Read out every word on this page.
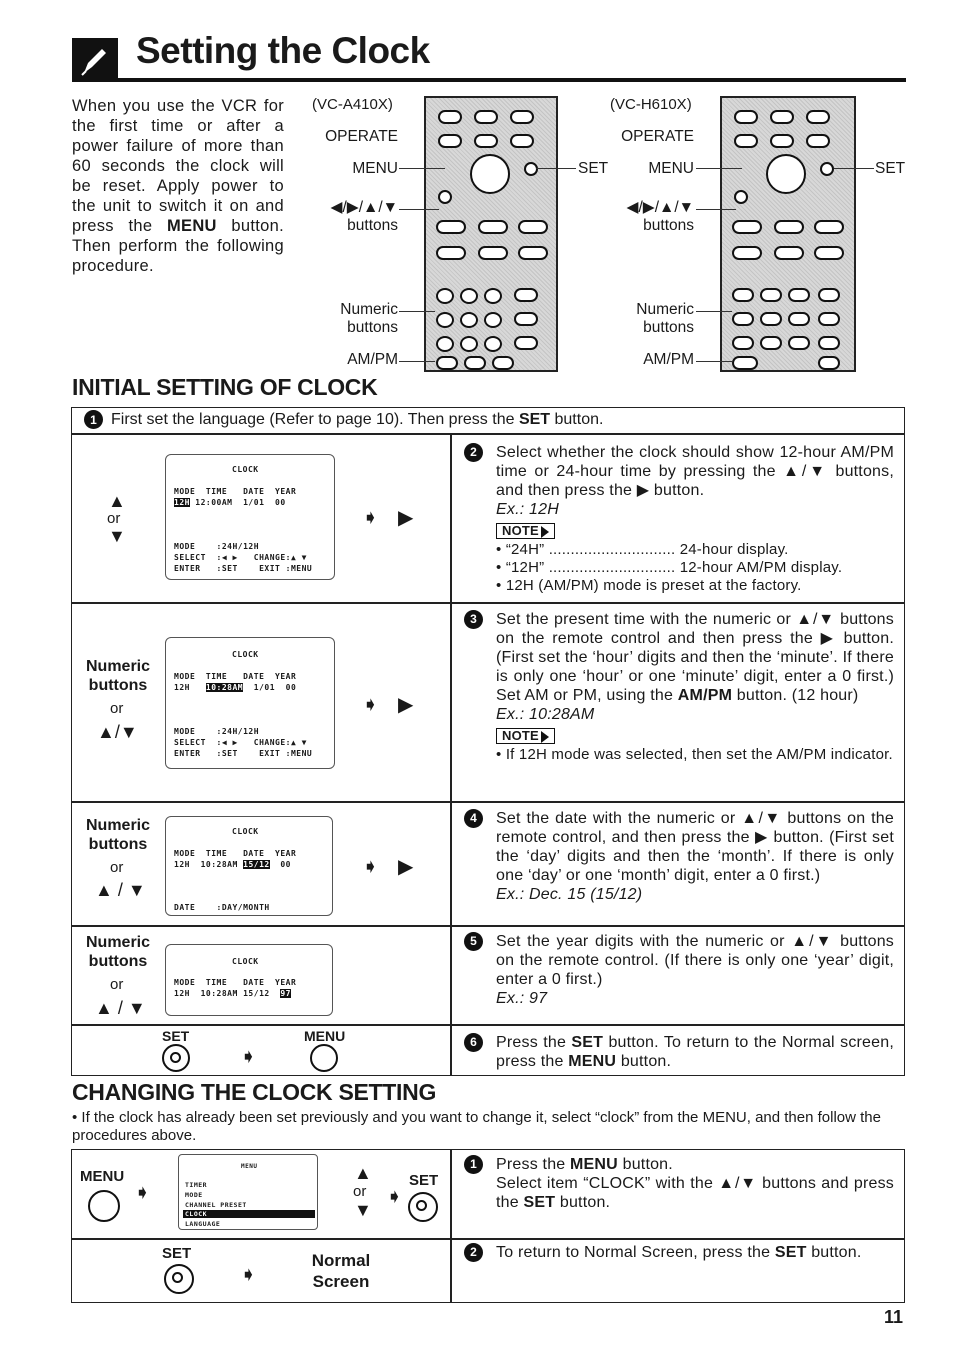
Setting the Clock
When you use the VCR for the first time or after a power failure of more than 60 seconds the clock will be reset. Apply power to the unit to switch it on and press the MENU button. Then perform the following procedure.
(VC-A410X)
OPERATE
MENU
◀/▶/▲/▼
buttons
Numeric
buttons
AM/PM
SET
(VC-H610X)
OPERATE
MENU
◀/▶/▲/▼
buttons
Numeric
buttons
AM/PM
SET
INITIAL SETTING OF CLOCK
1 First set the language (Refer to page 10). Then press the SET button.
▲
or
▼
CLOCK
MODE  TIME   DATE  YEAR
12H 12:00AM  1/01  00
MODE    :24H/12H
SELECT  :◀ ▶   CHANGE:▲ ▼
ENTER   :SET    EXIT :MENU
➧ ▶
2 Select whether the clock should show 12-hour AM/PM time or 24-hour time by pressing the ▲/▼ buttons, and then press the ▶ button.
Ex.: 12H
NOTE
• “24H” ............................. 24-hour display.
• “12H” ............................. 12-hour AM/PM display.
• 12H (AM/PM) mode is preset at the factory.
Numeric
buttons
or
▲/▼
CLOCK
MODE  TIME   DATE  YEAR
12H   10:28AM  1/01  00
MODE    :24H/12H
SELECT  :◀ ▶   CHANGE:▲ ▼
ENTER   :SET    EXIT :MENU
➧ ▶
3 Set the present time with the numeric or ▲/▼ buttons on the remote control and then press the ▶ button. (First set the ‘hour’ digits and then the ‘minute’. If there is only one ‘hour’ or one ‘minute’ digit, enter a 0 first.) Set AM or PM, using the AM/PM button. (12 hour)
Ex.: 10:28AM
NOTE
• If 12H mode was selected, then set the AM/PM indicator.
Numeric
buttons
or
▲ / ▼
CLOCK
MODE  TIME   DATE  YEAR
12H  10:28AM 15/12  00
DATE    :DAY/MONTH
➧ ▶
4 Set the date with the numeric or ▲/▼ buttons on the remote control, and then press the ▶ button. (First set the ‘day’ digits and then the ‘month’. If there is only one ‘day’ or one ‘month’ digit, enter a 0 first.)
Ex.: Dec. 15 (15/12)
Numeric
buttons
or
▲ / ▼
CLOCK
MODE  TIME   DATE  YEAR
12H  10:28AM 15/12  97
5 Set the year digits with the numeric or ▲/▼ buttons on the remote control. (If there is only one ‘year’ digit, enter a 0 first.)
Ex.: 97
SET
➧
MENU	6 Press the SET button. To return to the Normal screen, press the MENU button.
CHANGING THE CLOCK SETTING
• If the clock has already been set previously and you want to change it, select “clock” from the MENU, and then follow the procedures above.
MENU
➧
MENU
TIMER
MODE
CHANNEL PRESET
CLOCK
LANGUAGE
▲
or
▼
➧
SET
SET
➧
Normal
Screen
1 Press the MENU button.
Select item “CLOCK” with the ▲/▼ buttons and press the SET button.
2 To return to Normal Screen, press the SET button.
11
